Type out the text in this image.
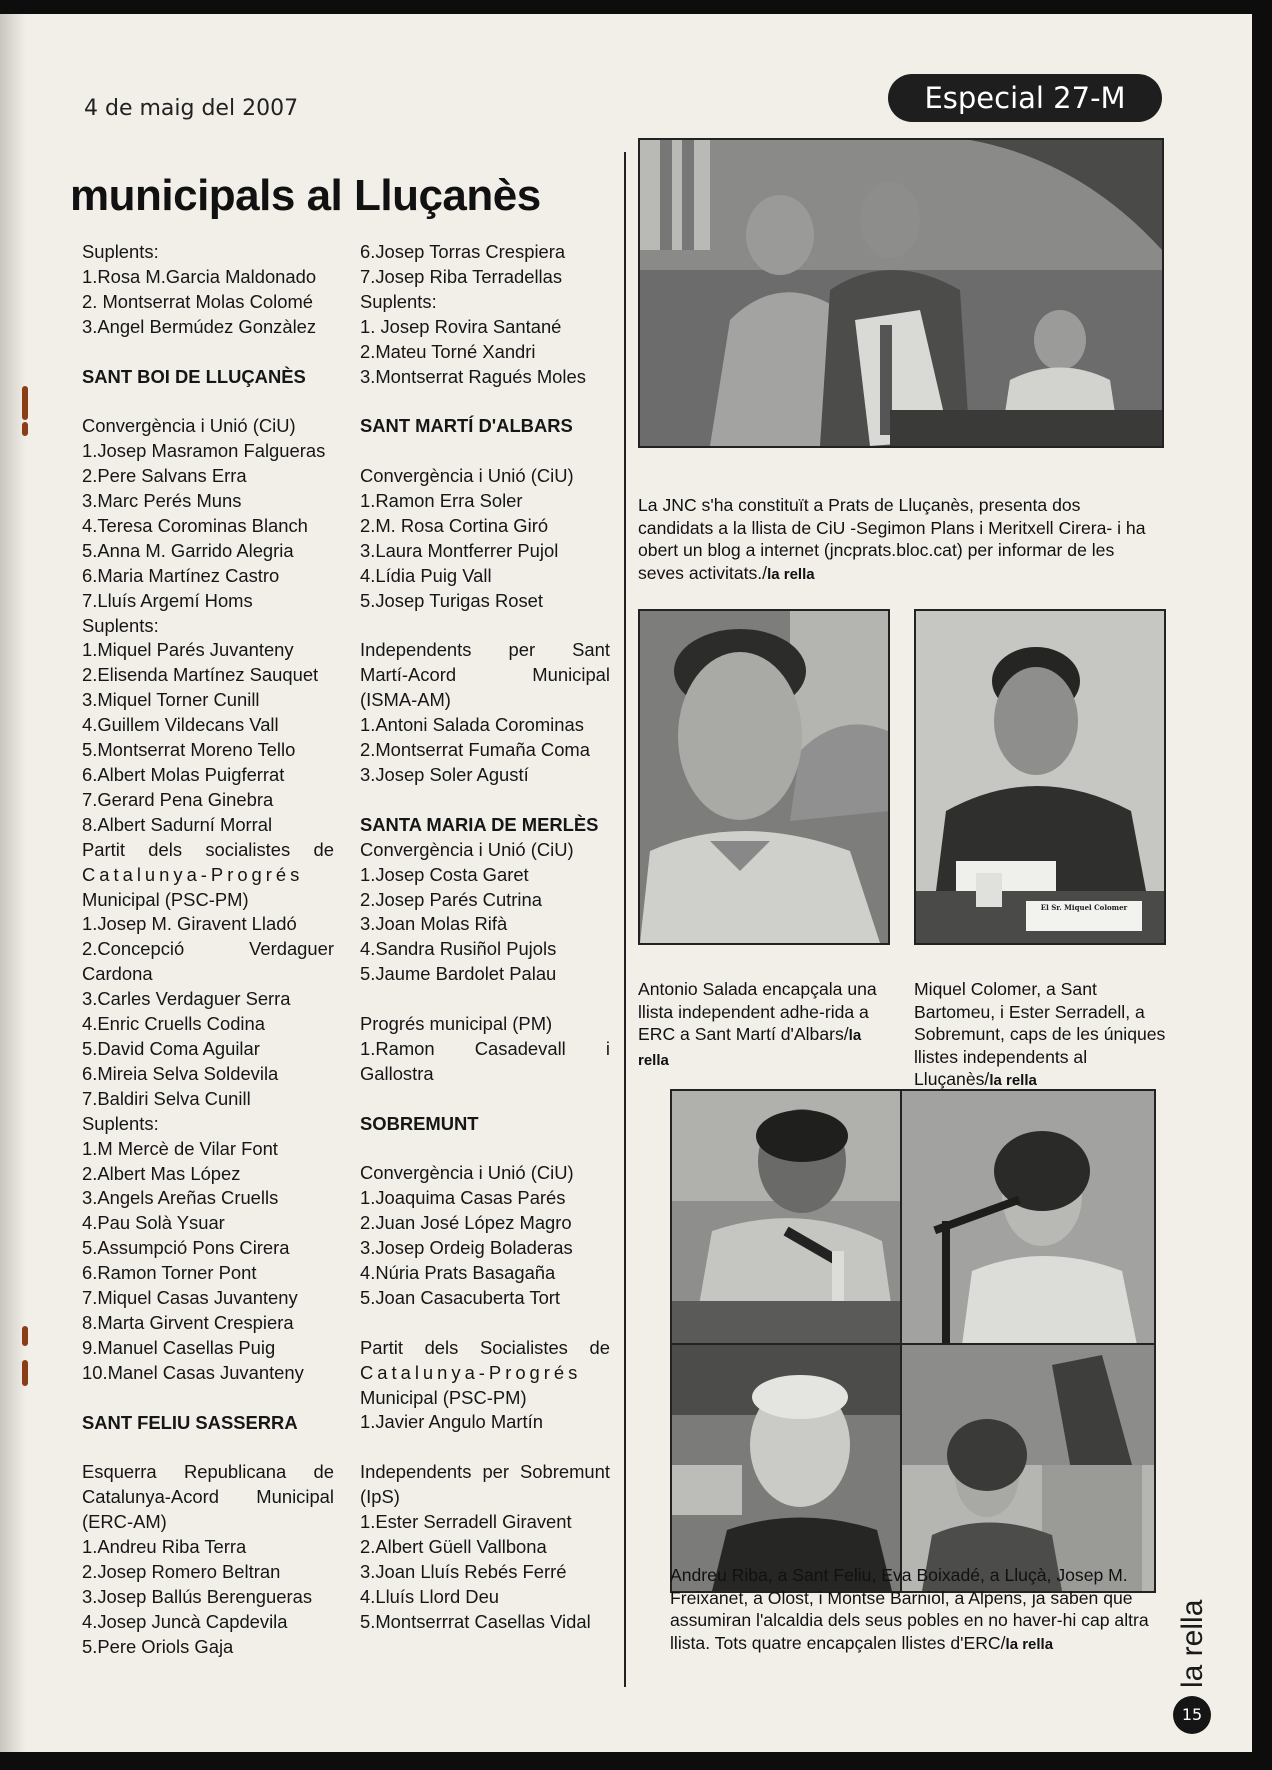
4 de maig del 2007	Especial 27-M
municipals al Lluçanès
Suplents:
1.Rosa M.Garcia Maldonado
2. Montserrat Molas Colomé
3.Angel Bermúdez Gonzàlez
SANT BOI DE LLUÇANÈS
Convergència i Unió (CiU)
1.Josep Masramon Falgueras
2.Pere Salvans Erra
3.Marc Perés Muns
4.Teresa Corominas Blanch
5.Anna M. Garrido Alegria
6.Maria Martínez Castro
7.Lluís Argemí Homs
Suplents:
1.Miquel Parés Juvanteny
2.Elisenda Martínez Sauquet
3.Miquel Torner Cunill
4.Guillem Vildecans Vall
5.Montserrat Moreno Tello
6.Albert Molas Puigferrat
7.Gerard Pena Ginebra
8.Albert Sadurní Morral
Partit dels socialistes de
Catalunya-Progrés
Municipal (PSC-PM)
1.Josep M. Giravent Lladó
2.Concepció Verdaguer
Cardona
3.Carles Verdaguer Serra
4.Enric Cruells Codina
5.David Coma Aguilar
6.Mireia Selva Soldevila
7.Baldiri Selva Cunill
Suplents:
1.M Mercè de Vilar Font
2.Albert Mas López
3.Angels Areñas Cruells
4.Pau Solà Ysuar
5.Assumpció Pons Cirera
6.Ramon Torner Pont
7.Miquel Casas Juvanteny
8.Marta Girvent Crespiera
9.Manuel Casellas Puig
10.Manel Casas Juvanteny
SANT FELIU SASSERRA
Esquerra Republicana de
Catalunya-Acord Municipal
(ERC-AM)
1.Andreu Riba Terra
2.Josep Romero Beltran
3.Josep Ballús Berengueras
4.Josep Juncà Capdevila
5.Pere Oriols Gaja
6.Josep Torras Crespiera
7.Josep Riba Terradellas
Suplents:
1. Josep Rovira Santané
2.Mateu Torné Xandri
3.Montserrat Ragués Moles
SANT MARTÍ D'ALBARS
Convergència i Unió (CiU)
1.Ramon Erra Soler
2.M. Rosa Cortina Giró
3.Laura Montferrer Pujol
4.Lídia Puig Vall
5.Josep Turigas Roset
Independents per Sant
Martí-Acord Municipal
(ISMA-AM)
1.Antoni Salada Corominas
2.Montserrat Fumaña Coma
3.Josep Soler Agustí
SANTA MARIA DE MERLÈS
Convergència i Unió (CiU)
1.Josep Costa Garet
2.Josep Parés Cutrina
3.Joan Molas Rifà
4.Sandra Rusiñol Pujols
5.Jaume Bardolet Palau
Progrés municipal (PM)
1.Ramon Casadevall i
Gallostra
SOBREMUNT
Convergència i Unió (CiU)
1.Joaquima Casas Parés
2.Juan José López Magro
3.Josep Ordeig Boladeras
4.Núria Prats Basagaña
5.Joan Casacuberta Tort
Partit dels Socialistes de
Catalunya-Progrés
Municipal (PSC-PM)
1.Javier Angulo Martín
Independents per Sobremunt
(IpS)
1.Ester Serradell Giravent
2.Albert Güell Vallbona
3.Joan Lluís Rebés Ferré
4.Lluís Llord Deu
5.Montserrrat Casellas Vidal
La JNC s'ha constituït a Prats de Lluçanès, presenta dos candidats a la llista de CiU -Segimon Plans i Meritxell Cirera- i ha obert un blog a internet (jncprats.bloc.cat) per informar de les seves activitats./la rella
Antonio Salada encapçala una llista independent adhe-rida a ERC a Sant Martí d'Albars/la rella
El Sr. Miquel Colomer
Miquel Colomer, a Sant Bartomeu, i Ester Serradell, a Sobremunt, caps de les úniques llistes independents al Lluçanès/la rella
Andreu Riba, a Sant Feliu, Eva Boixadé, a Lluçà, Josep M. Freixanet, a Olost, i Montse Barniol, a Alpens, ja saben que assumiran l'alcaldia dels seus pobles en no haver-hi cap altra llista. Tots quatre encapçalen llistes d'ERC/la rella	la rella
15
